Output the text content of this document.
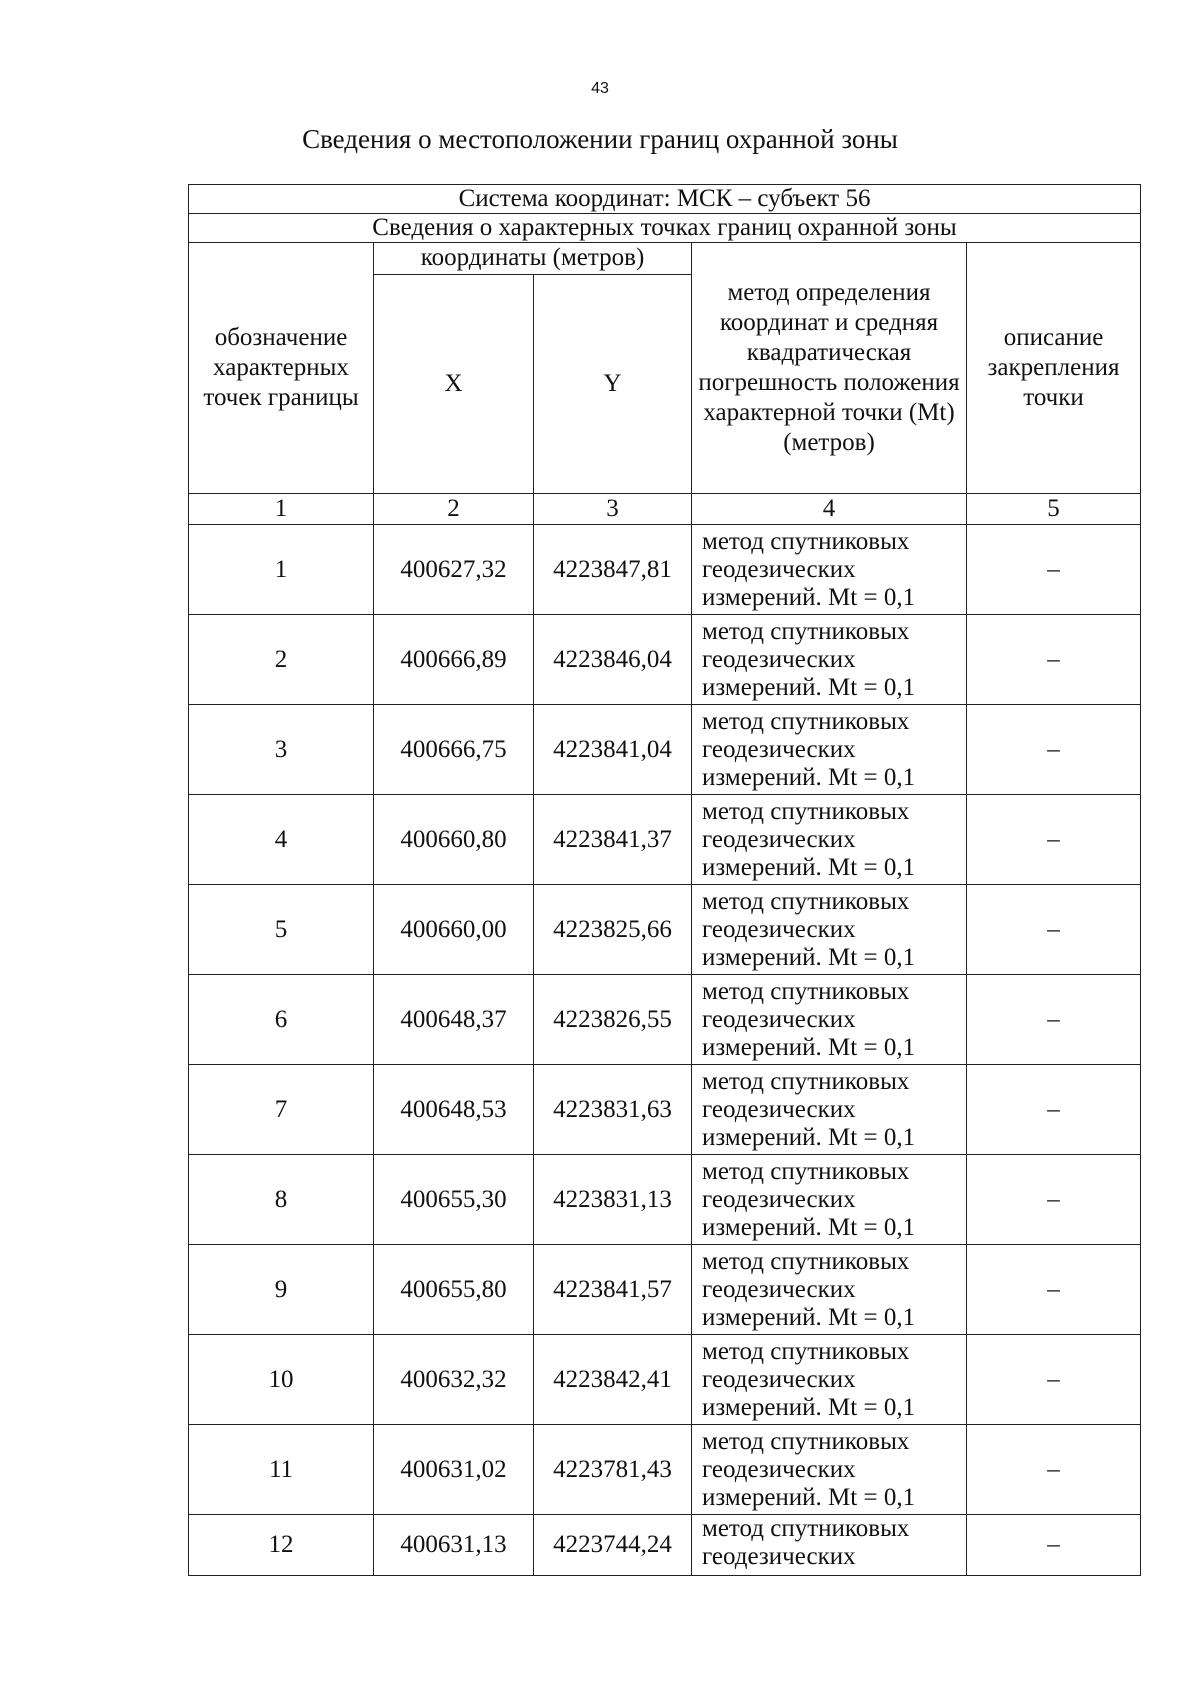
43
Сведения о местоположении границ охранной зоны
Система координат: МСК – субъект 56				
Сведения о характерных точках границ охранной зоны				
обозначение характерных точек границы	координаты (метров)		метод определения координат и средняя квадратическая погрешность положения характерной точки (Mt) (метров)	описание закрепления точки
	X	Y		
1	2	3	4	5
1	400627,32	4223847,81	метод спутниковых
геодезических
измерений. Mt = 0,1	–
2	400666,89	4223846,04	метод спутниковых
геодезических
измерений. Mt = 0,1	–
3	400666,75	4223841,04	метод спутниковых
геодезических
измерений. Mt = 0,1	–
4	400660,80	4223841,37	метод спутниковых
геодезических
измерений. Mt = 0,1	–
5	400660,00	4223825,66	метод спутниковых
геодезических
измерений. Mt = 0,1	–
6	400648,37	4223826,55	метод спутниковых
геодезических
измерений. Mt = 0,1	–
7	400648,53	4223831,63	метод спутниковых
геодезических
измерений. Mt = 0,1	–
8	400655,30	4223831,13	метод спутниковых
геодезических
измерений. Mt = 0,1	–
9	400655,80	4223841,57	метод спутниковых
геодезических
измерений. Mt = 0,1	–
10	400632,32	4223842,41	метод спутниковых
геодезических
измерений. Mt = 0,1	–
11	400631,02	4223781,43	метод спутниковых
геодезических
измерений. Mt = 0,1	–
12	400631,13	4223744,24	метод спутниковых
геодезических	–
